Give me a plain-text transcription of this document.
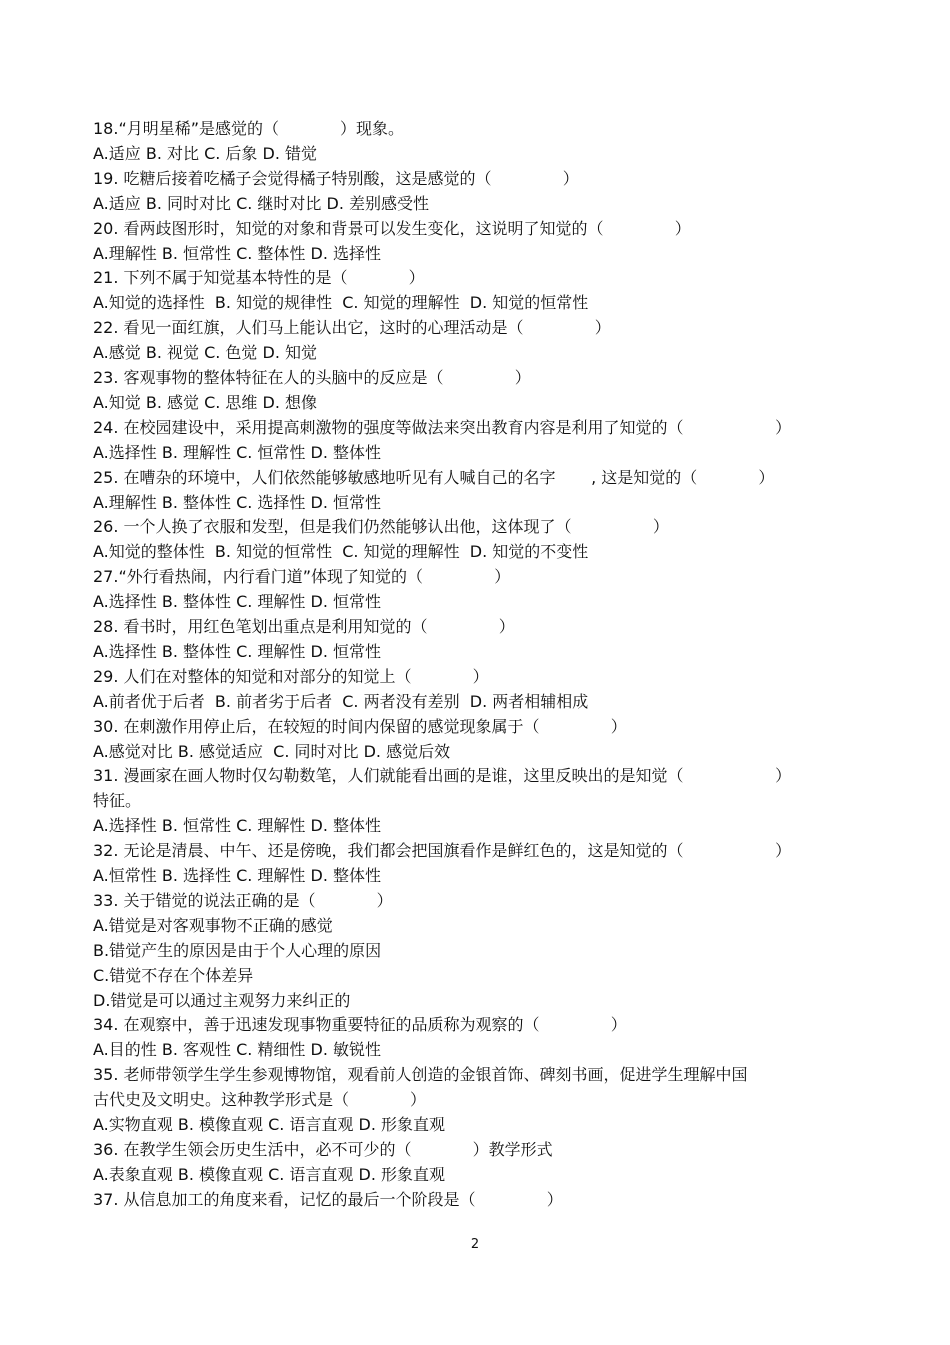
18.“月明星稀”是感觉的（            ）现象。
A.适应 B. 对比 C. 后象 D. 错觉
19. 吃糖后接着吃橘子会觉得橘子特别酸，这是感觉的（              ）
A.适应 B. 同时对比 C. 继时对比 D. 差别感受性
20. 看两歧图形时，知觉的对象和背景可以发生变化，这说明了知觉的（              ）
A.理解性 B. 恒常性 C. 整体性 D. 选择性
21. 下列不属于知觉基本特性的是（            ）
A.知觉的选择性  B. 知觉的规律性  C. 知觉的理解性  D. 知觉的恒常性
22. 看见一面红旗，人们马上能认出它，这时的心理活动是（              ）
A.感觉 B. 视觉 C. 色觉 D. 知觉
23. 客观事物的整体特征在人的头脑中的反应是（              ）
A.知觉 B. 感觉 C. 思维 D. 想像
24. 在校园建设中，采用提高刺激物的强度等做法来突出教育内容是利用了知觉的（                  ）
A.选择性 B. 理解性 C. 恒常性 D. 整体性
25. 在嘈杂的环境中，人们依然能够敏感地听见有人喊自己的名字       , 这是知觉的（            ）
A.理解性 B. 整体性 C. 选择性 D. 恒常性
26. 一个人换了衣服和发型，但是我们仍然能够认出他，这体现了（                ）
A.知觉的整体性  B. 知觉的恒常性  C. 知觉的理解性  D. 知觉的不变性
27.“外行看热闹，内行看门道”体现了知觉的（              ）
A.选择性 B. 整体性 C. 理解性 D. 恒常性
28. 看书时，用红色笔划出重点是利用知觉的（              ）
A.选择性 B. 整体性 C. 理解性 D. 恒常性
29. 人们在对整体的知觉和对部分的知觉上（            ）
A.前者优于后者  B. 前者劣于后者  C. 两者没有差别  D. 两者相辅相成
30. 在刺激作用停止后，在较短的时间内保留的感觉现象属于（              ）
A.感觉对比 B. 感觉适应  C. 同时对比 D. 感觉后效
31. 漫画家在画人物时仅勾勒数笔，人们就能看出画的是谁，这里反映出的是知觉（                  ）
特征。
A.选择性 B. 恒常性 C. 理解性 D. 整体性
32. 无论是清晨、中午、还是傍晚，我们都会把国旗看作是鲜红色的，这是知觉的（                  ）
A.恒常性 B. 选择性 C. 理解性 D. 整体性
33. 关于错觉的说法正确的是（            ）
A.错觉是对客观事物不正确的感觉
B.错觉产生的原因是由于个人心理的原因
C.错觉不存在个体差异
D.错觉是可以通过主观努力来纠正的
34. 在观察中，善于迅速发现事物重要特征的品质称为观察的（              ）
A.目的性 B. 客观性 C. 精细性 D. 敏锐性
35. 老师带领学生学生参观博物馆，观看前人创造的金银首饰、碑刻书画，促进学生理解中国
古代史及文明史。这种教学形式是（            ）
A.实物直观 B. 模像直观 C. 语言直观 D. 形象直观
36. 在教学生领会历史生活中，必不可少的（            ）教学形式
A.表象直观 B. 模像直观 C. 语言直观 D. 形象直观
37. 从信息加工的角度来看，记忆的最后一个阶段是（              ）
2
